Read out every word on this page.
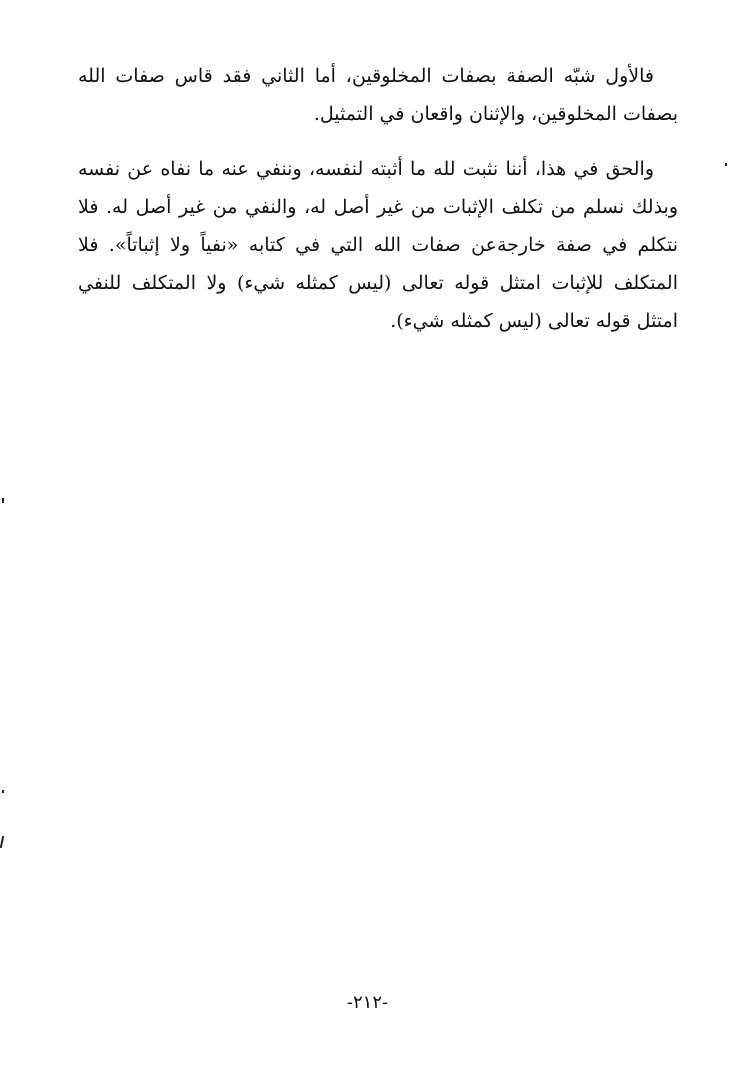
فالأول شبّه الصفة بصفات المخلوقين، أما الثاني فقد قاس صفات الله بصفات المخلوقين، والإثنان واقعان في التمثيل.

والحق في هذا، أننا نثبت لله ما أثبته لنفسه، وننفي عنه ما نفاه عن نفسه وبذلك نسلم من تكلف الإثبات من غير أصل له، والنفي من غير أصل له. فلا نتكلم في صفة خارجةعن صفات الله التي في كتابه «نفياً ولا إثباتاً». فلا المتكلف للإثبات امتثل قوله تعالى (ليس كمثله شيء) ولا المتكلف للنفي امتثل قوله تعالى (ليس كمثله شيء).

-٢١٢-
